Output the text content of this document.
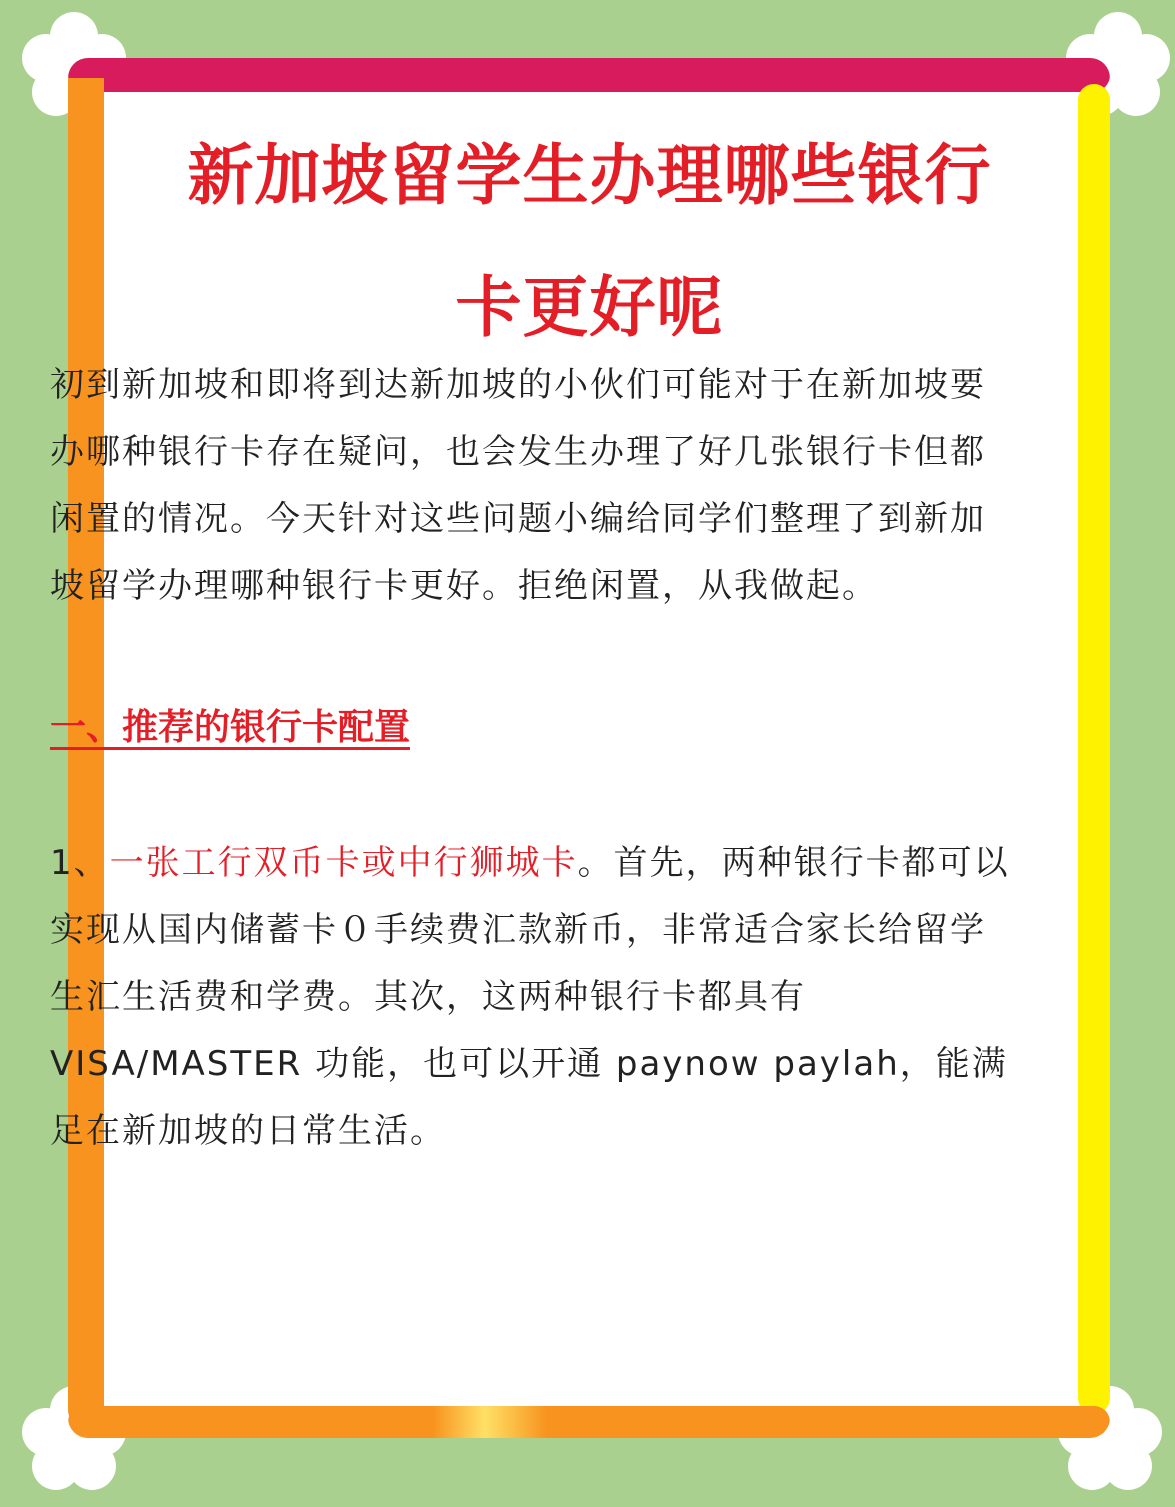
新加坡留学生办理哪些银行
卡更好呢

初到新加坡和即将到达新加坡的小伙们可能对于在新加坡要办哪种银行卡存在疑问，也会发生办理了好几张银行卡但都闲置的情况。今天针对这些问题小编给同学们整理了到新加坡留学办理哪种银行卡更好。拒绝闲置，从我做起。

一、推荐的银行卡配置

1、一张工行双币卡或中行狮城卡。首先，两种银行卡都可以实现从国内储蓄卡０手续费汇款新币，非常适合家长给留学生汇生活费和学费。其次，这两种银行卡都具有 VISA/MASTER 功能，也可以开通 paynow paylah，能满足在新加坡的日常生活。
